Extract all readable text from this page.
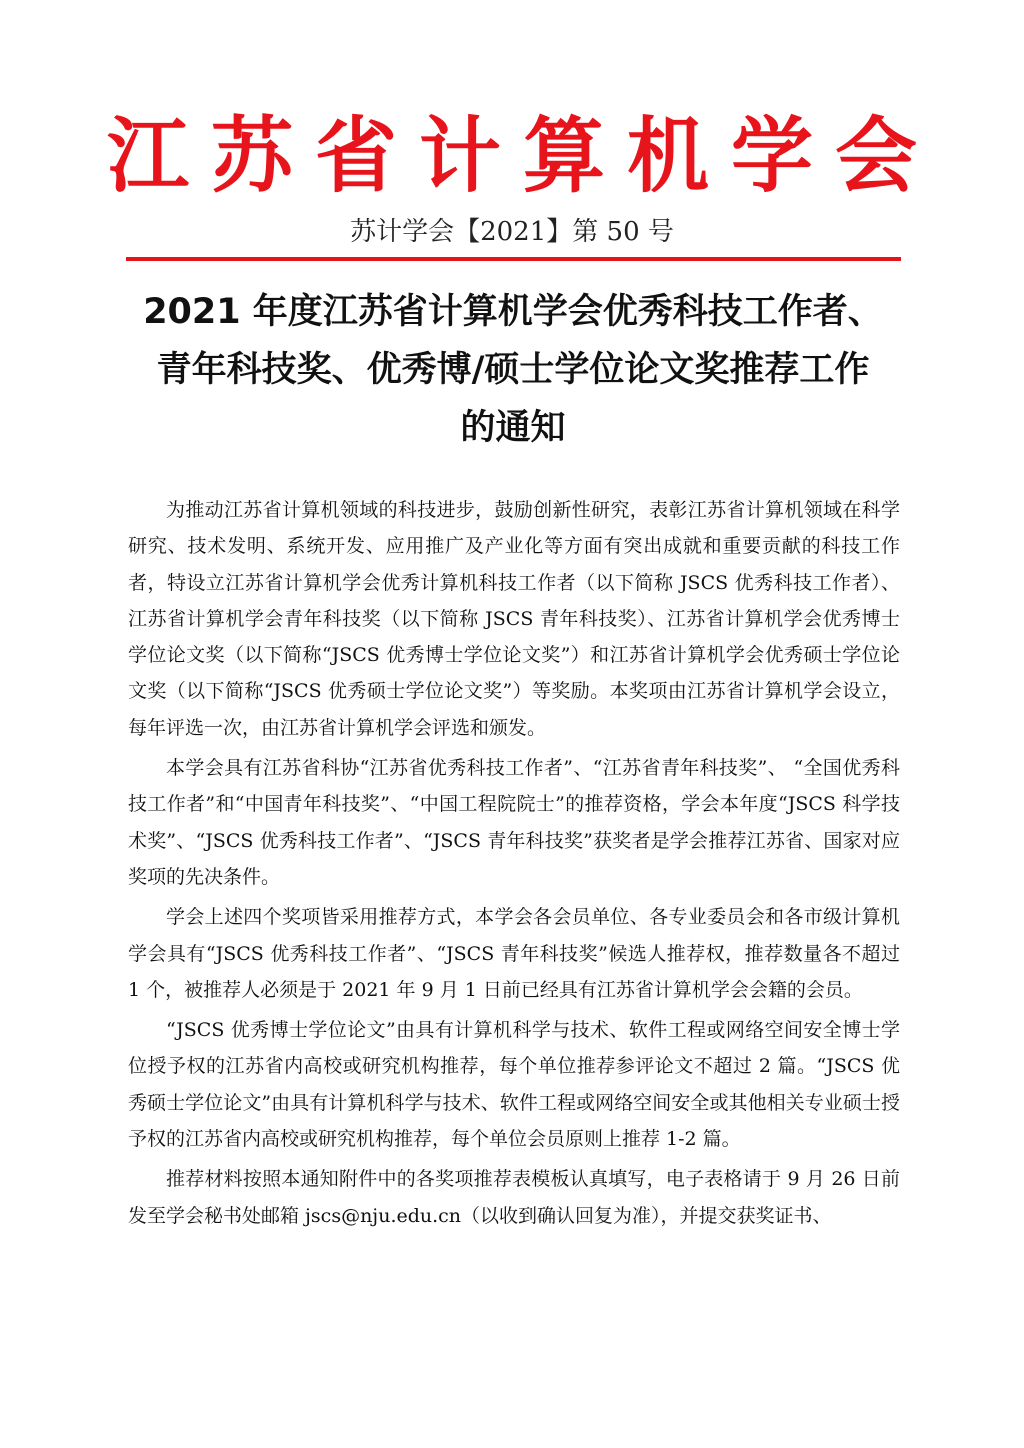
江苏省计算机学会
苏计学会【2021】第 50 号
2021 年度江苏省计算机学会优秀科技工作者、
青年科技奖、优秀博/硕士学位论文奖推荐工作
的通知

为推动江苏省计算机领域的科技进步，鼓励创新性研究，表彰江苏省计算机领域在科学研究、技术发明、系统开发、应用推广及产业化等方面有突出成就和重要贡献的科技工作者，特设立江苏省计算机学会优秀计算机科技工作者（以下简称 JSCS 优秀科技工作者）、江苏省计算机学会青年科技奖（以下简称 JSCS 青年科技奖）、江苏省计算机学会优秀博士学位论文奖（以下简称“JSCS 优秀博士学位论文奖”）和江苏省计算机学会优秀硕士学位论文奖（以下简称“JSCS 优秀硕士学位论文奖”）等奖励。本奖项由江苏省计算机学会设立，每年评选一次，由江苏省计算机学会评选和颁发。

本学会具有江苏省科协“江苏省优秀科技工作者”、“江苏省青年科技奖”、 “全国优秀科技工作者”和“中国青年科技奖”、“中国工程院院士”的推荐资格，学会本年度“JSCS 科学技术奖”、“JSCS 优秀科技工作者”、“JSCS 青年科技奖”获奖者是学会推荐江苏省、国家对应奖项的先决条件。

学会上述四个奖项皆采用推荐方式，本学会各会员单位、各专业委员会和各市级计算机学会具有“JSCS 优秀科技工作者”、“JSCS 青年科技奖”候选人推荐权，推荐数量各不超过 1 个，被推荐人必须是于 2021 年 9 月 1 日前已经具有江苏省计算机学会会籍的会员。

“JSCS 优秀博士学位论文”由具有计算机科学与技术、软件工程或网络空间安全博士学位授予权的江苏省内高校或研究机构推荐，每个单位推荐参评论文不超过 2 篇。“JSCS 优秀硕士学位论文”由具有计算机科学与技术、软件工程或网络空间安全或其他相关专业硕士授予权的江苏省内高校或研究机构推荐，每个单位会员原则上推荐 1-2 篇。

推荐材料按照本通知附件中的各奖项推荐表模板认真填写，电子表格请于 9 月 26 日前发至学会秘书处邮箱 jscs@nju.edu.cn（以收到确认回复为准），并提交获奖证书、
